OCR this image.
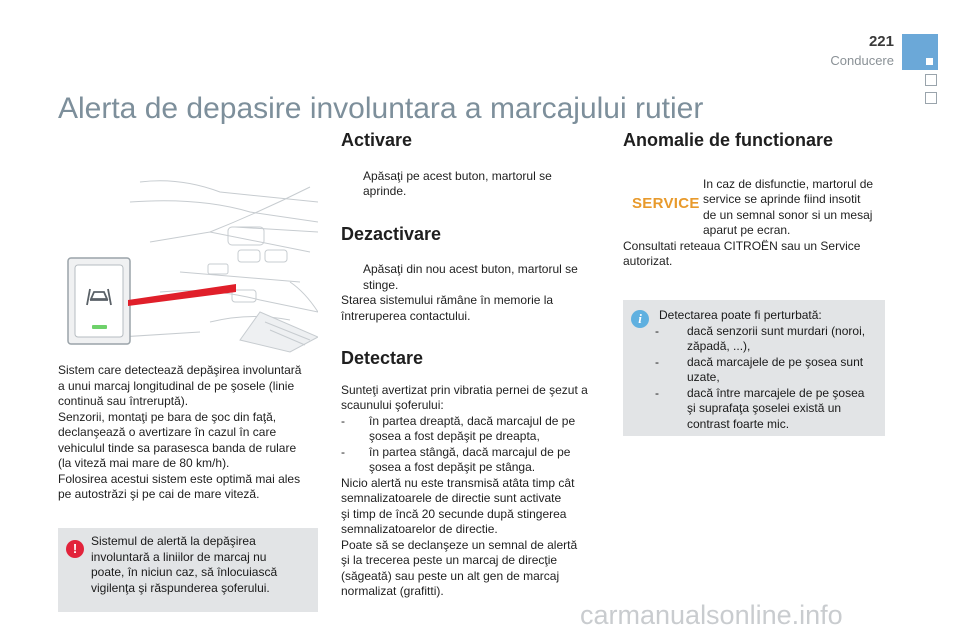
221
Conducere
Alerta de depasire involuntara a marcajului rutier

Sistem care detectează depăşirea involuntară

a unui marcaj longitudinal de pe şosele (linie

continuă sau întreruptă).

Senzorii, montaţi pe bara de şoc din faţă,

declanşează o avertizare în cazul în care

vehiculul tinde sa parasesca banda de rulare

(la viteză mai mare de 80 km/h).

Folosirea acestui sistem este optimă mai ales

pe autostrăzi şi pe cai de mare viteză.

!	Sistemul de alertă la depăşirea

involuntară a liniilor de marcaj nu

poate, în niciun caz, să înlocuiască

vigilenţa şi răspunderea şoferului.

Activare

Apăsaţi pe acest buton, martorul se

aprinde.

Dezactivare

Apăsaţi din nou acest buton, martorul se

stinge.

Starea sistemului rămâne în memorie la

întreruperea contactului.

Detectare

Sunteţi avertizat prin vibratia pernei de şezut a

scaunului şoferului:

- în partea dreaptă, dacă marcajul de pe

şosea a fost depăşit pe dreapta,

- în partea stângă, dacă marcajul de pe

şosea a fost depăşit pe stânga.

Nicio alertă nu este transmisă atâta timp cât

semnalizatoarele de directie sunt activate

şi timp de încă 20 secunde după stingerea

semnalizatoarelor de directie.

Poate să se declanşeze un semnal de alertă

şi la trecerea peste un marcaj de direcţie

(săgeată) sau peste un alt gen de marcaj

normalizat (grafitti).

Anomalie de functionare

In caz de disfunctie, martorul de

service se aprinde fiind insotit

de un semnal sonor si un mesaj

aparut pe ecran.

Consultati reteaua CITROËN sau un Service

autorizat.

SERVICE
i	Detectarea poate fi perturbată:

- dacă senzorii sunt murdari (noroi,

zăpadă, ...),

- dacă marcajele de pe şosea sunt

uzate,

- dacă între marcajele de pe şosea

şi suprafaţa şoselei există un

contrast foarte mic.

carmanualsonline.info
